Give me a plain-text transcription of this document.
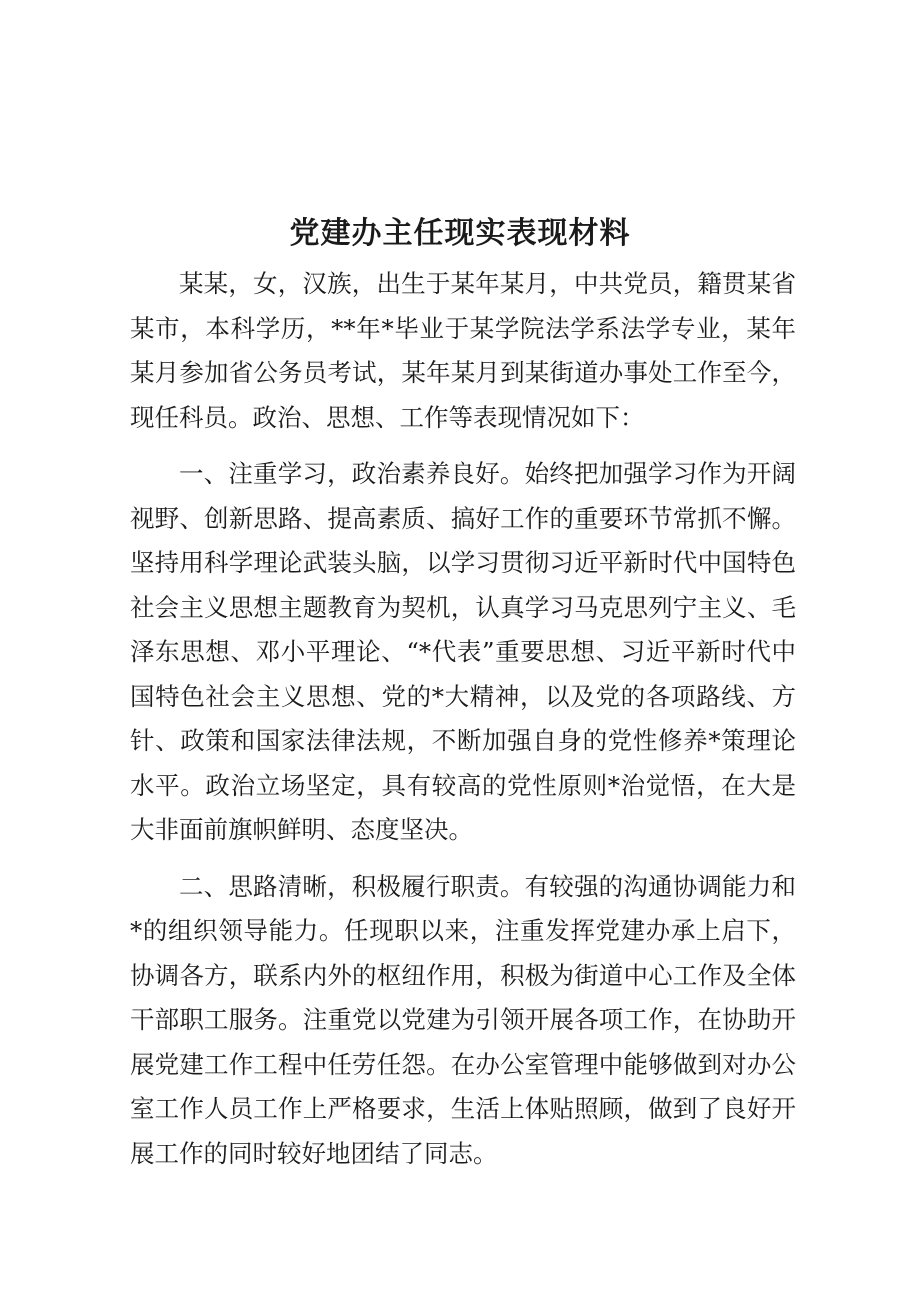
党建办主任现实表现材料

某某，女，汉族，出生于某年某月，中共党员，籍贯某省某市，本科学历，**年*毕业于某学院法学系法学专业，某年某月参加省公务员考试，某年某月到某街道办事处工作至今，现任科员。政治、思想、工作等表现情况如下：

一、注重学习，政治素养良好。始终把加强学习作为开阔视野、创新思路、提高素质、搞好工作的重要环节常抓不懈。坚持用科学理论武装头脑，以学习贯彻习近平新时代中国特色社会主义思想主题教育为契机，认真学习马克思列宁主义、毛泽东思想、邓小平理论、“*代表”重要思想、习近平新时代中国特色社会主义思想、党的*大精神，以及党的各项路线、方针、政策和国家法律法规，不断加强自身的党性修养*策理论水平。政治立场坚定，具有较高的党性原则*治觉悟，在大是大非面前旗帜鲜明、态度坚决。

二、思路清晰，积极履行职责。有较强的沟通协调能力和*的组织领导能力。任现职以来，注重发挥党建办承上启下，协调各方，联系内外的枢纽作用，积极为街道中心工作及全体干部职工服务。注重党以党建为引领开展各项工作，在协助开展党建工作工程中任劳任怨。在办公室管理中能够做到对办公室工作人员工作上严格要求，生活上体贴照顾，做到了良好开展工作的同时较好地团结了同志。
